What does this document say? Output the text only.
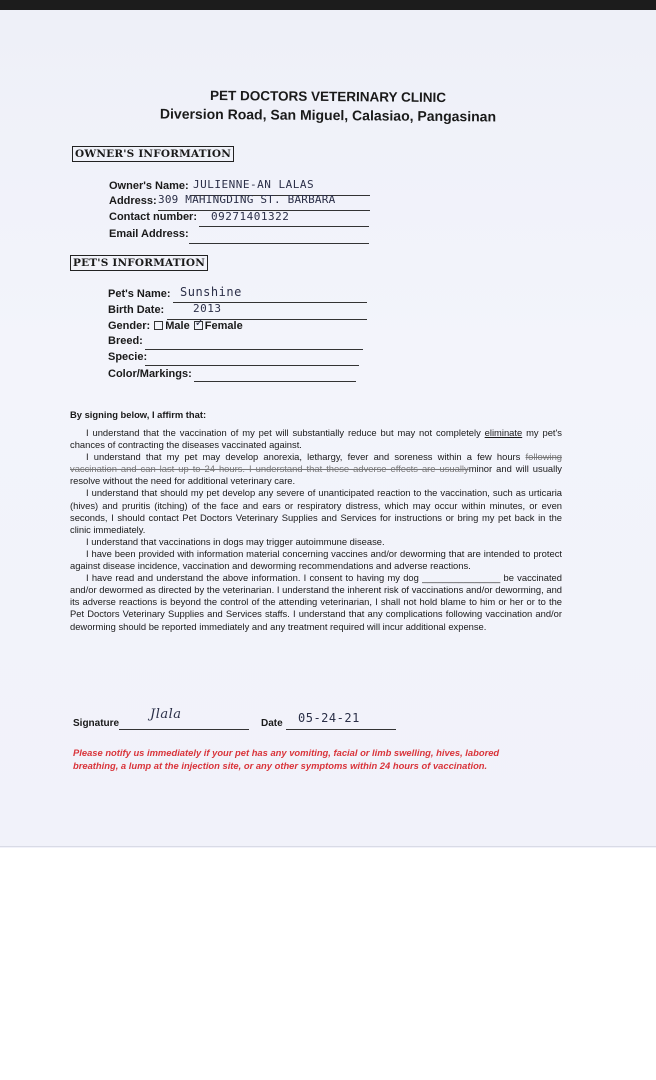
PET DOCTORS VETERINARY CLINIC
Diversion Road, San Miguel, Calasiao, Pangasinan
OWNER'S INFORMATION
Owner's Name: JULIENNE-AN LALAS
Address: 309 MAHINGDING ST. BARBARA
Contact number: 09271401322
Email Address:
PET'S INFORMATION
Pet's Name: Sunshine
Birth Date:	2013
Gender: Male ✓ Female
Breed:
Specie:
Color/Markings:
By signing below, I affirm that:

I understand that the vaccination of my pet will substantially reduce but may not completely eliminate my pet's chances of contracting the diseases vaccinated against.

I understand that my pet may develop anorexia, lethargy, fever and soreness within a few hours following vaccination and can last up to 24 hours. I understand that these adverse effects are usuallyminor and will usually resolve without the need for additional veterinary care.

I understand that should my pet develop any severe of unanticipated reaction to the vaccination, such as urticaria (hives) and pruritis (itching) of the face and ears or respiratory distress, which may occur within minutes, or even seconds, I should contact Pet Doctors Veterinary Supplies and Services for instructions or bring my pet back in the clinic immediately.

I understand that vaccinations in dogs may trigger autoimmune disease.

I have been provided with information material concerning vaccines and/or deworming that are intended to protect against disease incidence, vaccination and deworming recommendations and adverse reactions.

I have read and understand the above information. I consent to having my dog _______________ be vaccinated and/or dewormed as directed by the veterinarian. I understand the inherent risk of vaccinations and/or deworming, and its adverse reactions is beyond the control of the attending veterinarian, I shall not hold blame to him or her or to the Pet Doctors Veterinary Supplies and Services staffs. I understand that any complications following vaccination and/or deworming should be reported immediately and any treatment required will incur additional expense.

Signature
Jlala
Date 05-24-21
Please notify us immediately if your pet has any vomiting, facial or limb swelling, hives, labored breathing, a lump at the injection site, or any other symptoms within 24 hours of vaccination.
